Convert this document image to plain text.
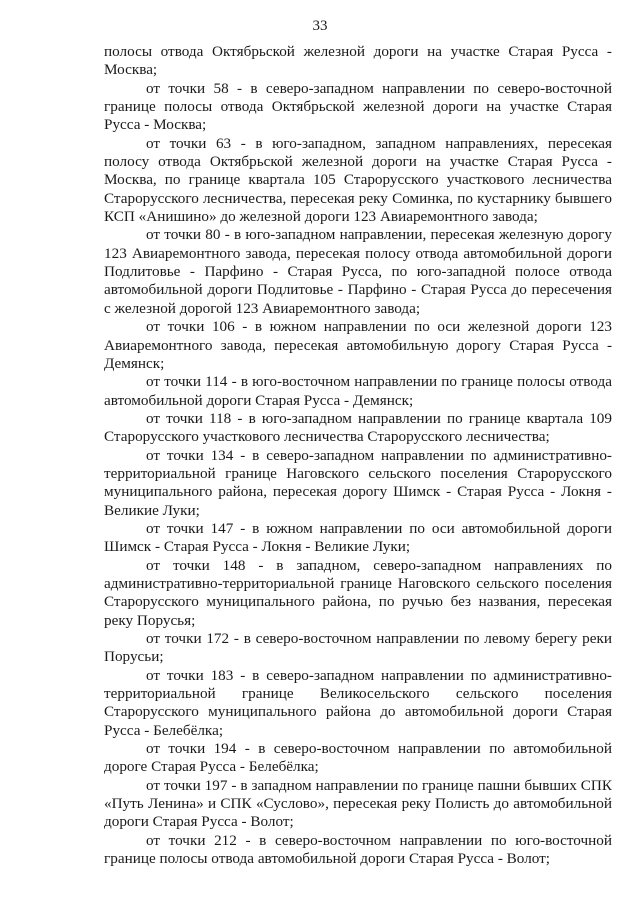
33

полосы отвода Октябрьской железной дороги на участке Старая Русса - Москва;

от точки 58 - в северо-западном направлении по северо-восточной границе полосы отвода Октябрьской железной дороги на участке Старая Русса - Москва;

от точки 63 - в юго-западном, западном направлениях, пересекая полосу отвода Октябрьской железной дороги на участке Старая Русса - Москва, по границе квартала 105 Старорусского участкового лесничества Старорусского лесничества, пересекая реку Соминка, по кустарнику бывшего КСП «Анишино» до железной дороги 123 Авиаремонтного завода;

от точки 80 - в юго-западном направлении, пересекая железную дорогу 123 Авиаремонтного завода, пересекая полосу отвода автомобильной дороги Подлитовье - Парфино - Старая Русса, по юго-западной полосе отвода автомобильной дороги Подлитовье - Парфино - Старая Русса до пересечения с железной дорогой 123 Авиаремонтного завода;

от точки 106 - в южном направлении по оси железной дороги 123 Авиаремонтного завода, пересекая автомобильную дорогу Старая Русса - Демянск;

от точки 114 - в юго-восточном направлении по границе полосы отвода автомобильной дороги Старая Русса - Демянск;

от точки 118 - в юго-западном направлении по границе квартала 109 Старорусского участкового лесничества Старорусского лесничества;

от точки 134 - в северо-западном направлении по административно-территориальной границе Наговского сельского поселения Старорусского муниципального района, пересекая дорогу Шимск - Старая Русса - Локня - Великие Луки;

от точки 147 - в южном направлении по оси автомобильной дороги Шимск - Старая Русса - Локня - Великие Луки;

от точки 148 - в западном, северо-западном направлениях по административно-территориальной границе Наговского сельского поселения Старорусского муниципального района, по ручью без названия, пересекая реку Порусья;

от точки 172 - в северо-восточном направлении по левому берегу реки Порусьи;

от точки 183 - в северо-западном направлении по административно-территориальной границе Великосельского сельского поселения Старорусского муниципального района до автомобильной дороги Старая Русса - Белебёлка;

от точки 194 - в северо-восточном направлении по автомобильной дороге Старая Русса - Белебёлка;

от точки 197 - в западном направлении по границе пашни бывших СПК «Путь Ленина» и СПК «Суслово», пересекая реку Полисть до автомобильной дороги Старая Русса - Волот;

от точки 212 - в северо-восточном направлении по юго-восточной границе полосы отвода автомобильной дороги Старая Русса - Волот;
